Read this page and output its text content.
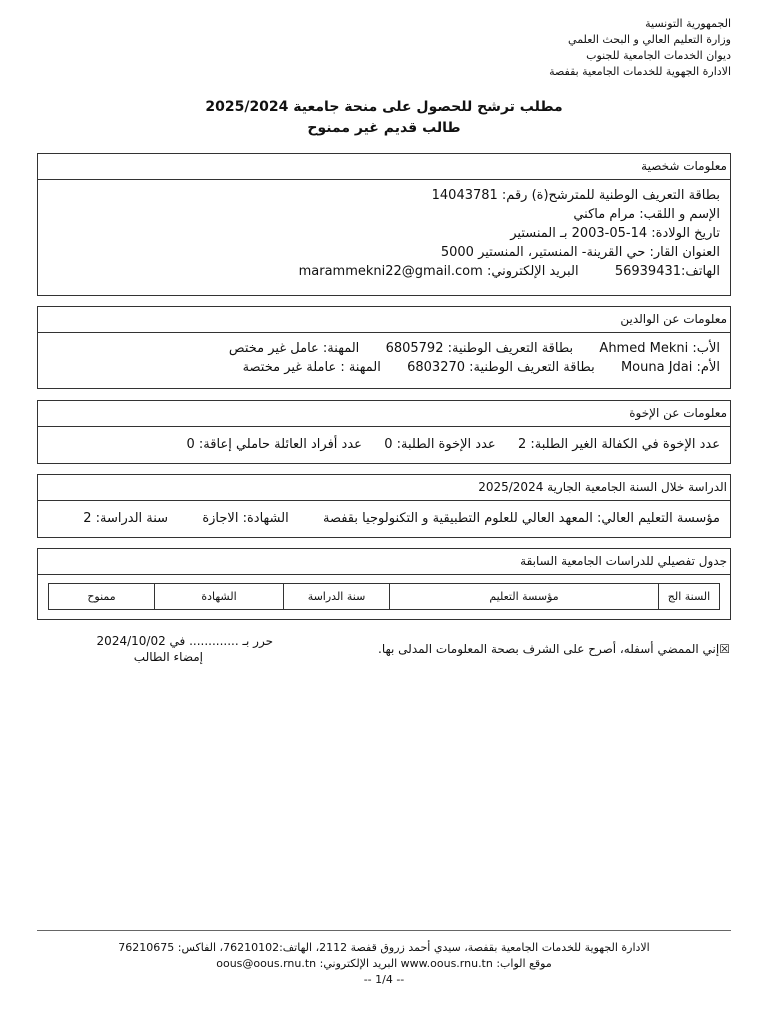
الجمهورية التونسية
وزارة التعليم العالي و البحث العلمي
ديوان الخدمات الجامعية للجنوب
الادارة الجهوية للخدمات الجامعية بقفصة
مطلب ترشح للحصول على منحة جامعية 2025/2024
طالب قديم غير ممنوح
معلومات شخصية
بطاقة التعريف الوطنية للمترشح(ة) رقم: 14043781
الإسم و اللقب: مرام ماكني
تاريخ الولادة: 14-05-2003 بـ المنستير
العنوان القار: حي القرينة- المنستير، المنستير 5000
الهاتف:56939431  البريد الإلكتروني: marammekni22@gmail.com
معلومات عن الوالدين
الأب: Ahmed Mekni  بطاقة التعريف الوطنية: 6805792  المهنة: عامل غير مختص
الأم: Mouna Jdai  بطاقة التعريف الوطنية: 6803270  المهنة : عاملة غير مختصة
معلومات عن الإخوة
عدد الإخوة في الكفالة الغير الطلبة: 2  عدد الإخوة الطلبة: 0  عدد أفراد العائلة حاملي إعاقة: 0
الدراسة خلال السنة الجامعية الجارية 2025/2024
مؤسسة التعليم العالي: المعهد العالي للعلوم التطبيقية و التكنولوجيا بقفصة  الشهادة: الاجازة  سنة الدراسة: 2
جدول تفصيلي للدراسات الجامعية السابقة
السنة الج	مؤسسة التعليم	سنة الدراسة	الشهادة	ممنوح
☒إني الممضي أسفله، أصرح على الشرف بصحة المعلومات المدلى بها.
حرر بـ ............. في 2024/10/02
إمضاء الطالب
الادارة الجهوية للخدمات الجامعية بقفصة، سيدي أحمد زروق قفصة 2112، الهاتف:76210102، الفاكس: 76210675
موقع الواب: www.oous.rnu.tn البريد الإلكتروني: oous@oous.rnu.tn
-- 1/4 --
